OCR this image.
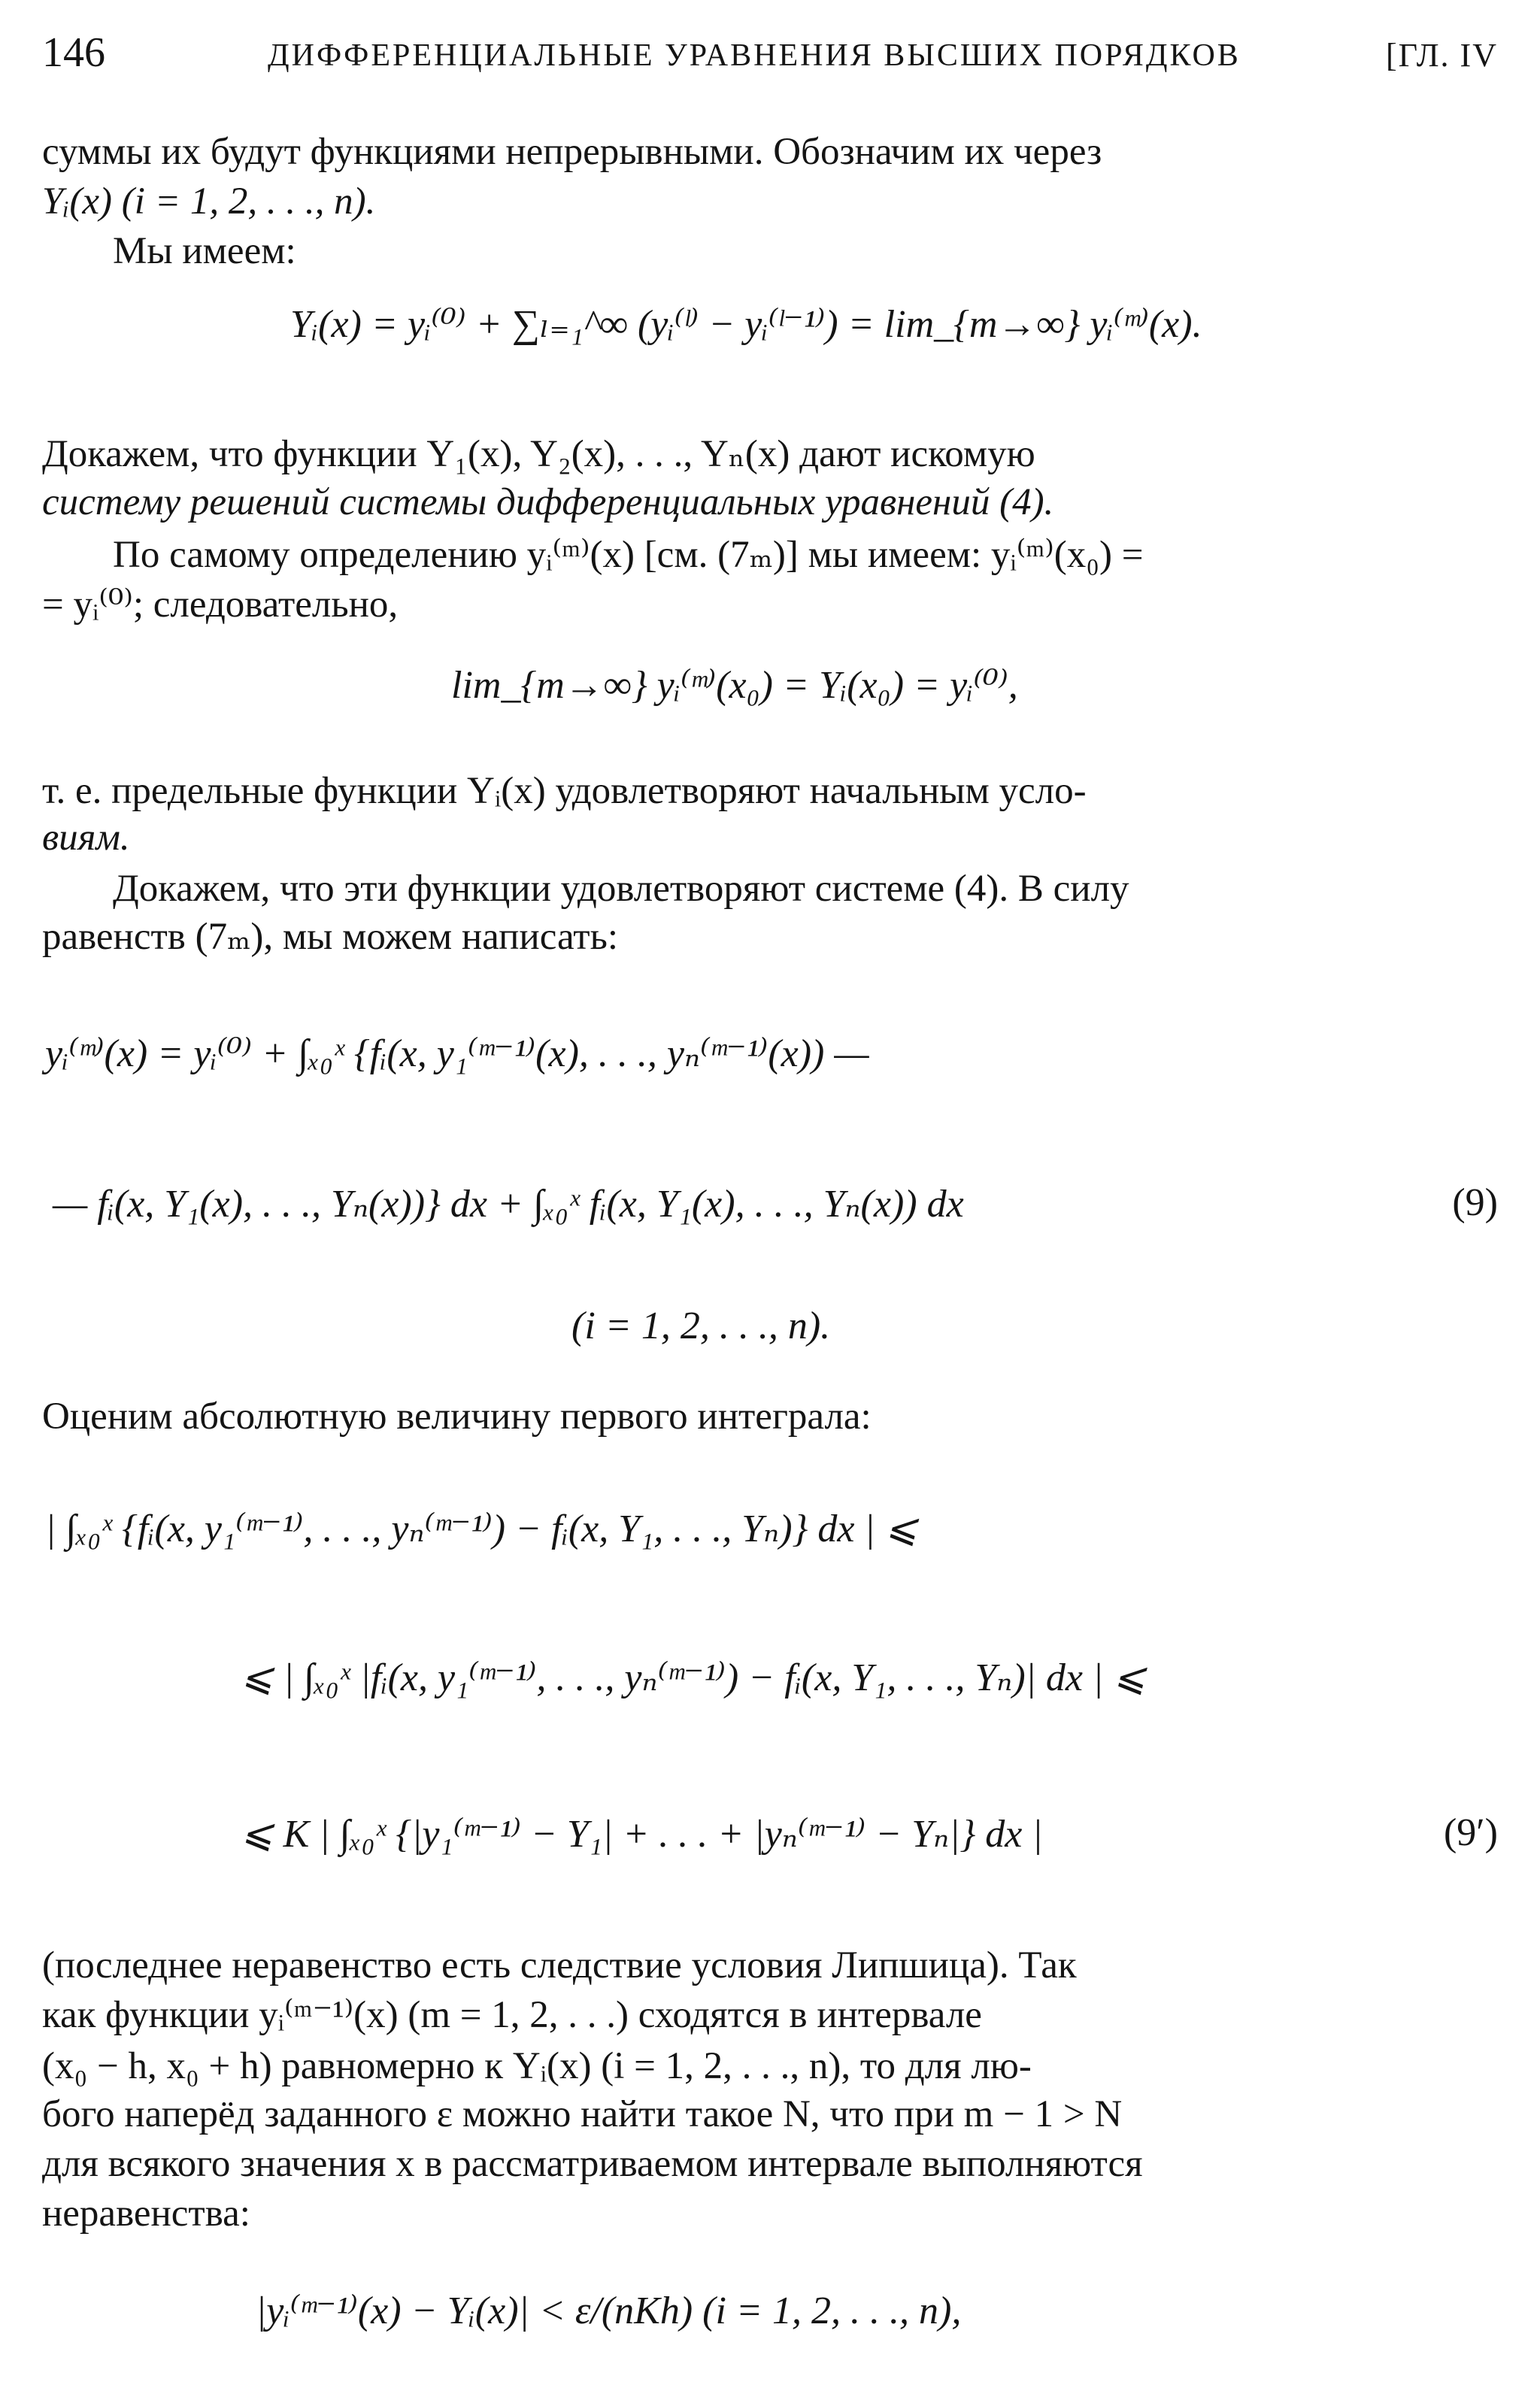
146	ДИФФЕРЕНЦИАЛЬНЫЕ УРАВНЕНИЯ ВЫСШИХ ПОРЯДКОВ	[ГЛ. IV
суммы их будут функциями непрерывными. Обозначим их через
Yᵢ(x) (i = 1, 2, . . ., n).
Мы имеем:
Yᵢ(x) = yᵢ⁽⁰⁾ + ∑ₗ₌₁^∞ (yᵢ⁽ˡ⁾ − yᵢ⁽ˡ⁻¹⁾) = lim_{m→∞} yᵢ⁽ᵐ⁾(x).
Докажем, что функции Y₁(x), Y₂(x), . . ., Yₙ(x) дают искомую
систему решений системы дифференциальных уравнений (4).
По самому определению yᵢ⁽ᵐ⁾(x) [см. (7ₘ)] мы имеем: yᵢ⁽ᵐ⁾(x₀) =
= yᵢ⁽⁰⁾; следовательно,
lim_{m→∞} yᵢ⁽ᵐ⁾(x₀) = Yᵢ(x₀) = yᵢ⁽⁰⁾,
т. е. предельные функции Yᵢ(x) удовлетворяют начальным усло-
виям.
Докажем, что эти функции удовлетворяют системе (4). В силу
равенств (7ₘ), мы можем написать:
yᵢ⁽ᵐ⁾(x) = yᵢ⁽⁰⁾ + ∫ₓ₀ˣ {fᵢ(x, y₁⁽ᵐ⁻¹⁾(x), . . ., yₙ⁽ᵐ⁻¹⁾(x)) —
— fᵢ(x, Y₁(x), . . ., Yₙ(x))} dx + ∫ₓ₀ˣ fᵢ(x, Y₁(x), . . ., Yₙ(x)) dx	(9)
(i = 1, 2, . . ., n).
Оценим абсолютную величину первого интеграла:
| ∫ₓ₀ˣ {fᵢ(x, y₁⁽ᵐ⁻¹⁾, . . ., yₙ⁽ᵐ⁻¹⁾) − fᵢ(x, Y₁, . . ., Yₙ)} dx | ⩽
⩽ | ∫ₓ₀ˣ |fᵢ(x, y₁⁽ᵐ⁻¹⁾, . . ., yₙ⁽ᵐ⁻¹⁾) − fᵢ(x, Y₁, . . ., Yₙ)| dx | ⩽
⩽ K | ∫ₓ₀ˣ {|y₁⁽ᵐ⁻¹⁾ − Y₁| + . . . + |yₙ⁽ᵐ⁻¹⁾ − Yₙ|} dx |	(9′)
(последнее неравенство есть следствие условия Липшица). Так
как функции yᵢ⁽ᵐ⁻¹⁾(x) (m = 1, 2, . . .) сходятся в интервале
(x₀ − h, x₀ + h) равномерно к Yᵢ(x) (i = 1, 2, . . ., n), то для лю-
бого наперёд заданного ε можно найти такое N, что при m − 1 > N
для всякого значения x в рассматриваемом интервале выполняются
неравенства:
|yᵢ⁽ᵐ⁻¹⁾(x) − Yᵢ(x)| < ε/(nKh) (i = 1, 2, . . ., n),
